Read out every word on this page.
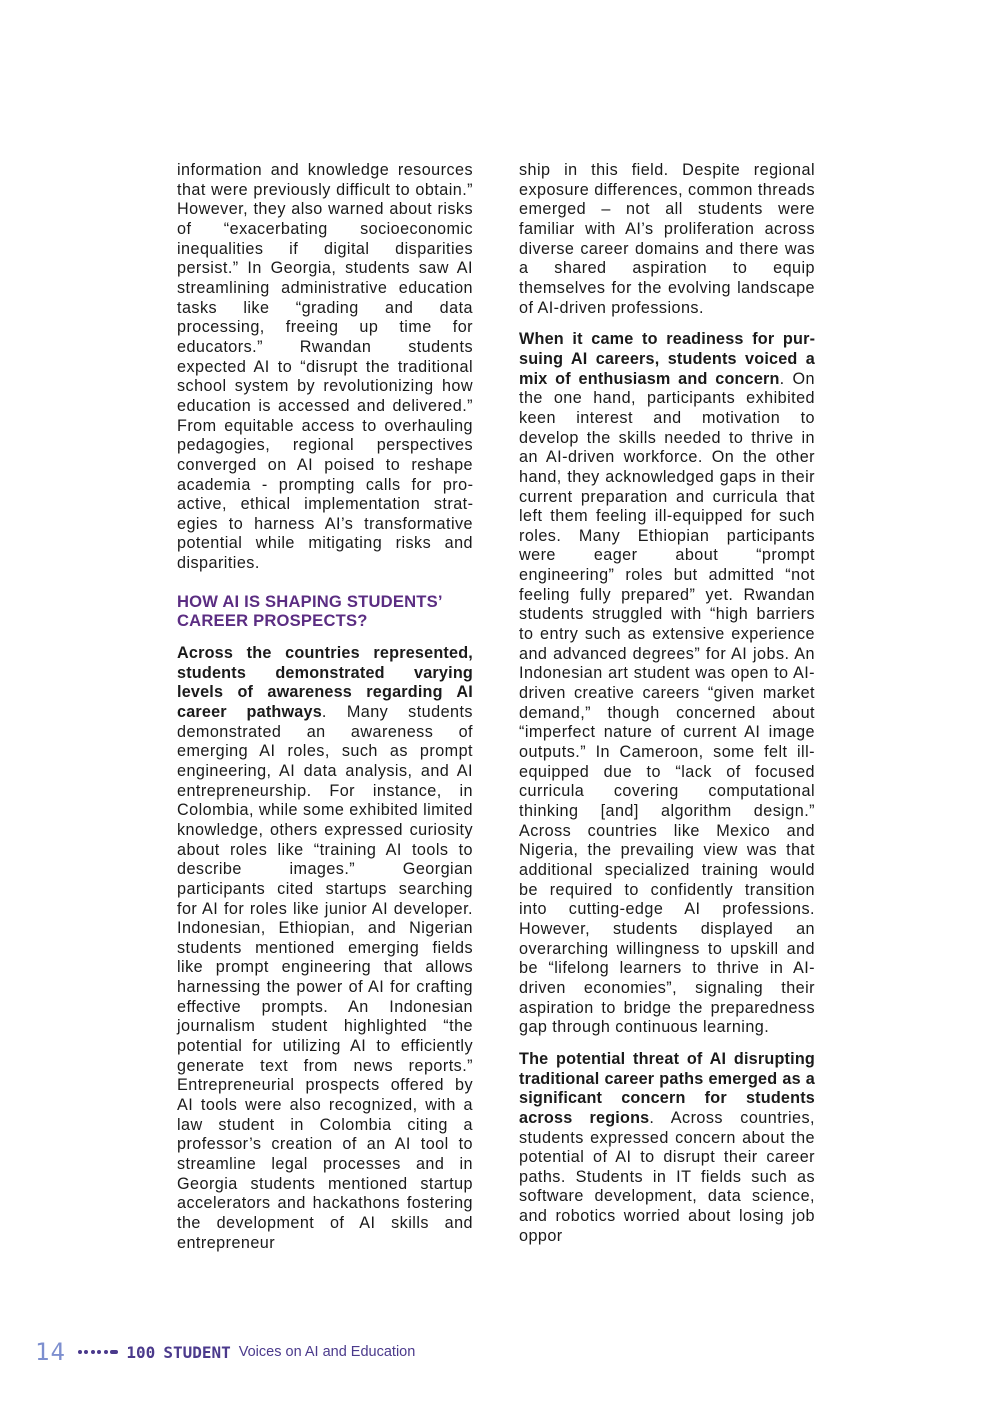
information and knowledge resources that were previously difficult to obtain.” However, they also warned about risks of “exacerbating socioeconomic inequalities if digital disparities persist.” In Georgia, students saw AI streamlining administrative education tasks like “grading and data processing, freeing up time for educators.” Rwandan students expected AI to “disrupt the traditional school system by revolutionizing how education is accessed and delivered.” From equitable access to overhauling pedagogies, regional perspectives converged on AI poised to reshape academia - prompting calls for proactive, ethical implementation strategies to harness AI’s transformative potential while mitigating risks and disparities.

HOW AI IS SHAPING STUDENTS’ CAREER PROSPECTS?

Across the countries represented, students demonstrated varying levels of awareness regarding AI career pathways. Many students demonstrated an awareness of emerging AI roles, such as prompt engineering, AI data analysis, and AI entrepreneurship. For instance, in Colombia, while some exhibited limited knowledge, others expressed curiosity about roles like “training AI tools to describe images.” Georgian participants cited startups searching for AI for roles like junior AI developer. Indonesian, Ethiopian, and Nigerian students mentioned emerging fields like prompt engineering that allows harnessing the power of AI for crafting effective prompts. An Indonesian journalism student highlighted “the potential for utilizing AI to efficiently generate text from news reports.” Entrepreneurial prospects offered by AI tools were also recognized, with a law student in Colombia citing a professor’s creation of an AI tool to streamline legal processes and in Georgia students mentioned startup accelerators and hackathons fostering the development of AI skills and entrepreneur

ship in this field. Despite regional exposure differences, common threads emerged – not all students were familiar with AI’s proliferation across diverse career domains and there was a shared aspiration to equip themselves for the evolving landscape of AI-driven professions.

When it came to readiness for pursuing AI careers, students voiced a mix of enthusiasm and concern. On the one hand, participants exhibited keen interest and motivation to develop the skills needed to thrive in an AI-driven workforce. On the other hand, they acknowledged gaps in their current preparation and curricula that left them feeling ill-equipped for such roles. Many Ethiopian participants were eager about “prompt engineering” roles but admitted “not feeling fully prepared” yet. Rwandan students struggled with “high barriers to entry such as extensive experience and advanced degrees” for AI jobs. An Indonesian art student was open to AI-driven creative careers “given market demand,” though concerned about “imperfect nature of current AI image outputs.” In Cameroon, some felt ill-equipped due to “lack of focused curricula covering computational thinking [and] algorithm design.” Across countries like Mexico and Nigeria, the prevailing view was that additional specialized training would be required to confidently transition into cutting-edge AI professions. However, students displayed an overarching willingness to upskill and be “lifelong learners to thrive in AI-driven economies”, signaling their aspiration to bridge the preparedness gap through continuous learning.

The potential threat of AI disrupting traditional career paths emerged as a significant concern for students across regions. Across countries, students expressed concern about the potential of AI to disrupt their career paths. Students in IT fields such as software development, data science, and robotics worried about losing job oppor

14	100 STUDENT Voices on AI and Education
